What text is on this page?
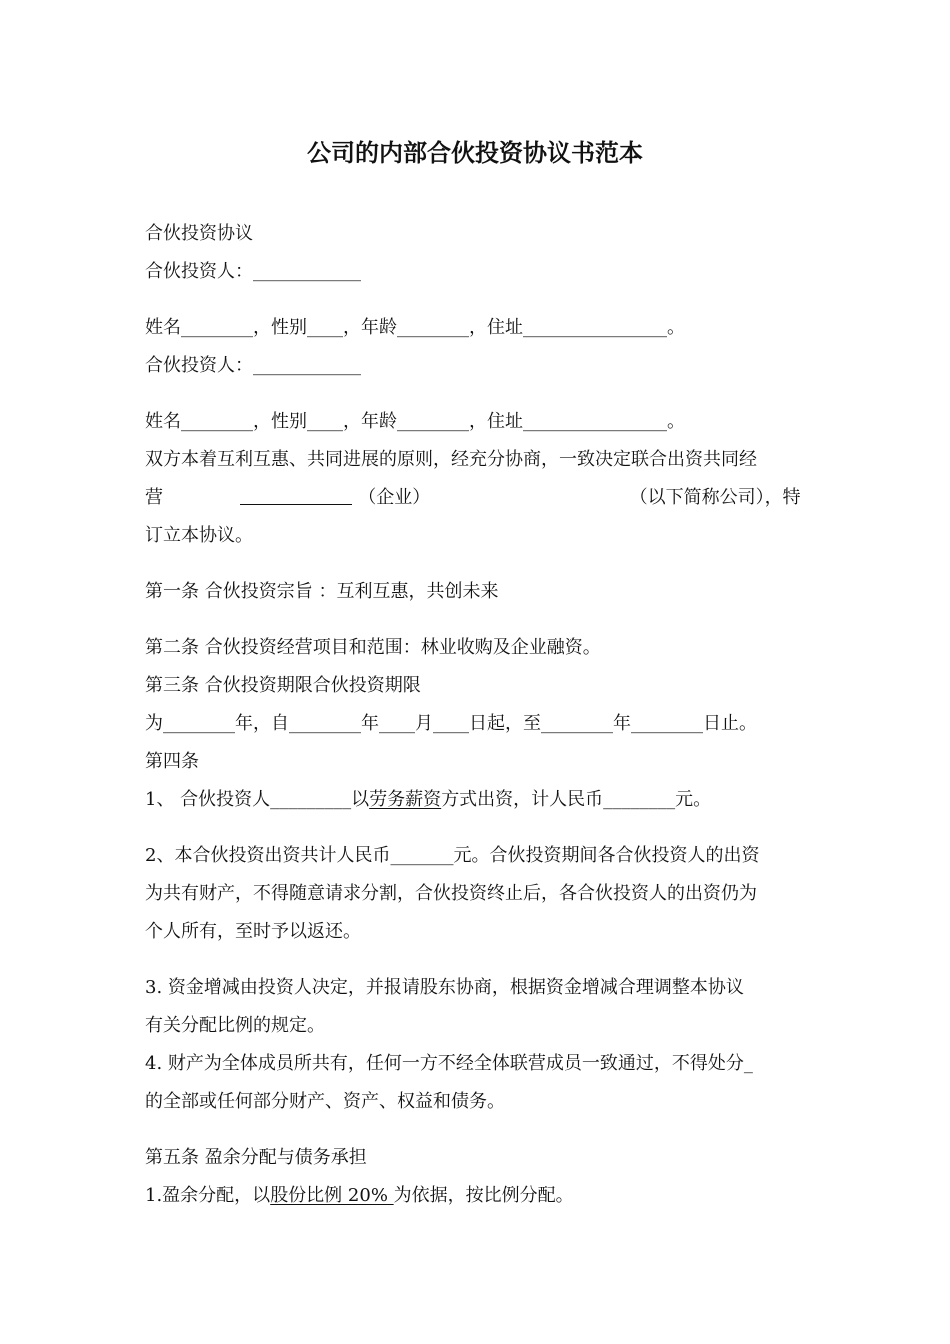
公司的内部合伙投资协议书范本
合伙投资协议
合伙投资人：____________
姓名________，性别____，年龄________，住址________________。
合伙投资人：____________
姓名________，性别____，年龄________，住址________________。
双方本着互利互惠、共同进展的原则，经充分协商，一致决定联合出资共同经
营	（企业）	（以下简称公司），特
订立本协议。
第一条 合伙投资宗旨 ：互利互惠，共创未来
第二条 合伙投资经营项目和范围：林业收购及企业融资。
第三条 合伙投资期限合伙投资期限
为________年，自________年____月____日起，至________年________日止。
第四条
1、 合伙投资人_________以劳务薪资方式出资，计人民币________元。
2、本合伙投资出资共计人民币_______元。合伙投资期间各合伙投资人的出资
为共有财产，不得随意请求分割，合伙投资终止后，各合伙投资人的出资仍为
个人所有，至时予以返还。
3. 资金增减由投资人决定，并报请股东协商，根据资金增减合理调整本协议
有关分配比例的规定。
4. 财产为全体成员所共有，任何一方不经全体联营成员一致通过，不得处分_
的全部或任何部分财产、资产、权益和债务。
第五条 盈余分配与债务承担
1.盈余分配，以股份比例 20% 为依据，按比例分配。
